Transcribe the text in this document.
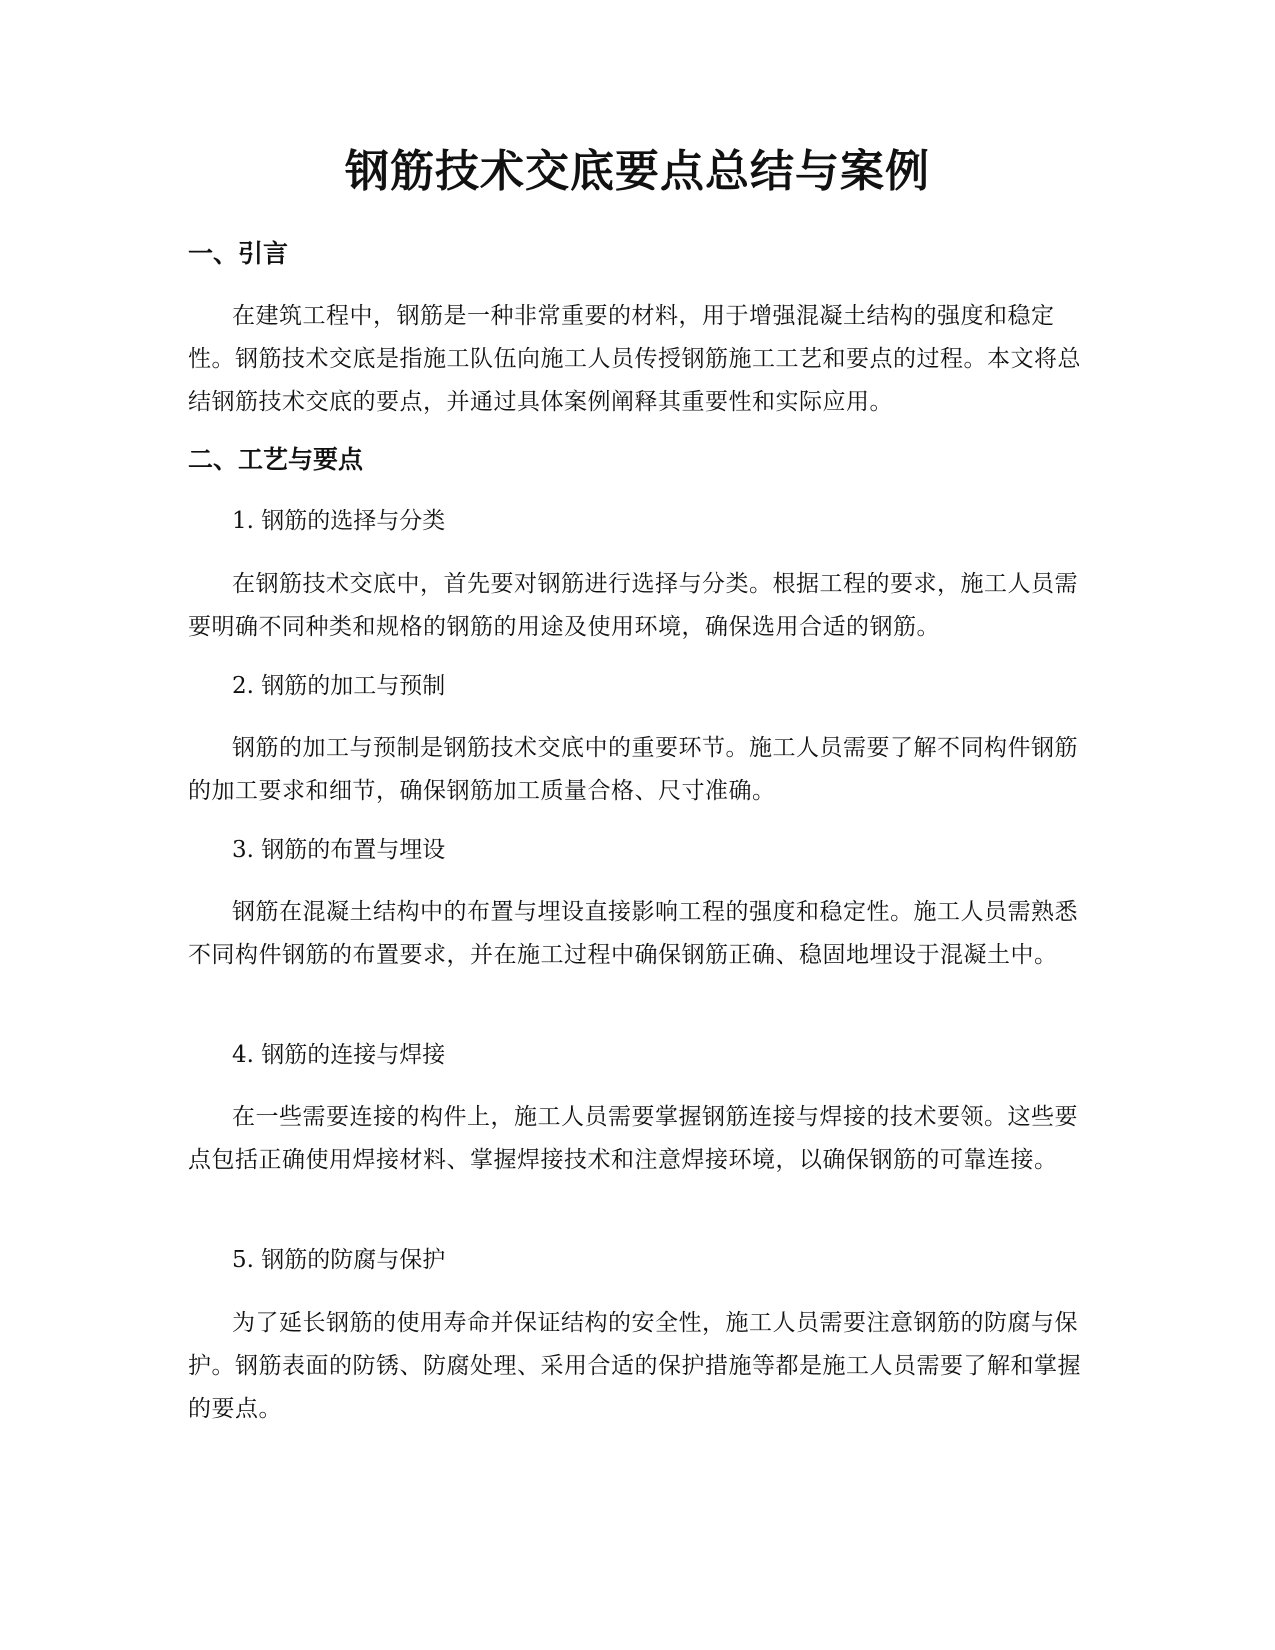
钢筋技术交底要点总结与案例
一、引言
在建筑工程中，钢筋是一种非常重要的材料，用于增强混凝土结构的强度和稳定性。钢筋技术交底是指施工队伍向施工人员传授钢筋施工工艺和要点的过程。本文将总结钢筋技术交底的要点，并通过具体案例阐释其重要性和实际应用。
二、工艺与要点
1. 钢筋的选择与分类
在钢筋技术交底中，首先要对钢筋进行选择与分类。根据工程的要求，施工人员需要明确不同种类和规格的钢筋的用途及使用环境，确保选用合适的钢筋。
2. 钢筋的加工与预制
钢筋的加工与预制是钢筋技术交底中的重要环节。施工人员需要了解不同构件钢筋的加工要求和细节，确保钢筋加工质量合格、尺寸准确。
3. 钢筋的布置与埋设
钢筋在混凝土结构中的布置与埋设直接影响工程的强度和稳定性。施工人员需熟悉不同构件钢筋的布置要求，并在施工过程中确保钢筋正确、稳固地埋设于混凝土中。
4. 钢筋的连接与焊接
在一些需要连接的构件上，施工人员需要掌握钢筋连接与焊接的技术要领。这些要点包括正确使用焊接材料、掌握焊接技术和注意焊接环境，以确保钢筋的可靠连接。
5. 钢筋的防腐与保护
为了延长钢筋的使用寿命并保证结构的安全性，施工人员需要注意钢筋的防腐与保护。钢筋表面的防锈、防腐处理、采用合适的保护措施等都是施工人员需要了解和掌握的要点。
